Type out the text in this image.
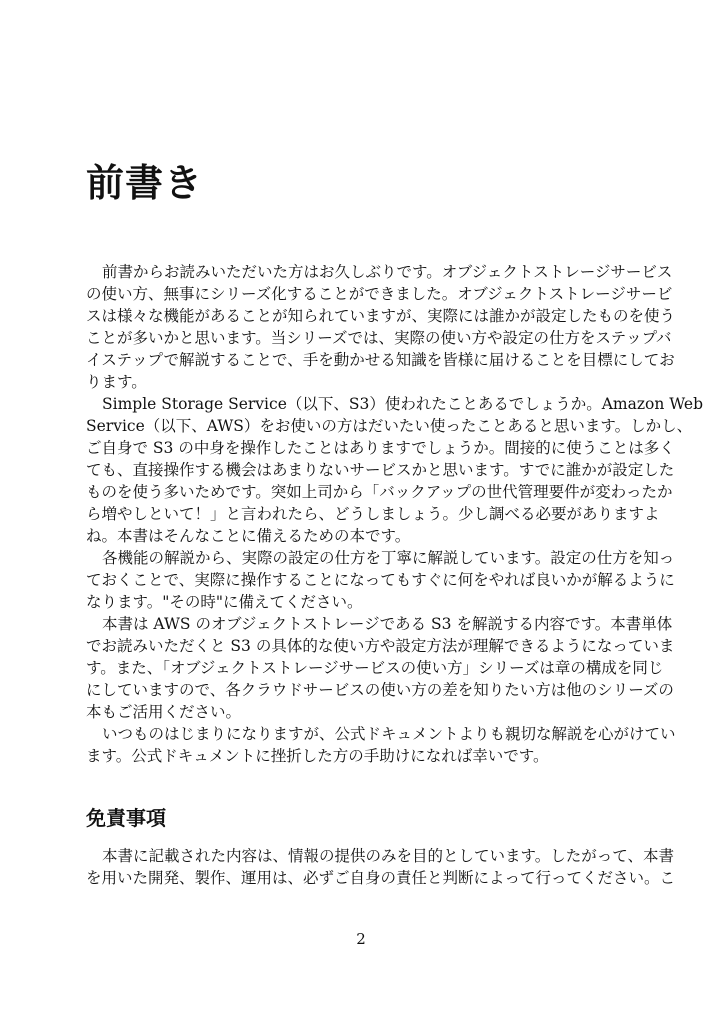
前書き
前書からお読みいただいた方はお久しぶりです。オブジェクトストレージサービス
の使い方、無事にシリーズ化することができました。オブジェクトストレージサービ
スは様々な機能があることが知られていますが、実際には誰かが設定したものを使う
ことが多いかと思います。当シリーズでは、実際の使い方や設定の仕方をステップバ
イステップで解説することで、手を動かせる知識を皆様に届けることを目標にしてお
ります。
Simple Storage Service（以下、S3）使われたことあるでしょうか。Amazon Web
Service（以下、AWS）をお使いの方はだいたい使ったことあると思います。しかし、
ご自身で S3 の中身を操作したことはありますでしょうか。間接的に使うことは多く
ても、直接操作する機会はあまりないサービスかと思います。すでに誰かが設定した
ものを使う多いためです。突如上司から「バックアップの世代管理要件が変わったか
ら増やしといて！」と言われたら、どうしましょう。少し調べる必要がありますよ
ね。本書はそんなことに備えるための本です。
各機能の解説から、実際の設定の仕方を丁寧に解説しています。設定の仕方を知っ
ておくことで、実際に操作することになってもすぐに何をやれば良いかが解るように
なります。"その時"に備えてください。
本書は AWS のオブジェクトストレージである S3 を解説する内容です。本書単体
でお読みいただくと S3 の具体的な使い方や設定方法が理解できるようになっていま
す。また、「オブジェクトストレージサービスの使い方」シリーズは章の構成を同じ
にしていますので、各クラウドサービスの使い方の差を知りたい方は他のシリーズの
本もご活用ください。
いつものはじまりになりますが、公式ドキュメントよりも親切な解説を心がけてい
ます。公式ドキュメントに挫折した方の手助けになれば幸いです。
免責事項
本書に記載された内容は、情報の提供のみを目的としています。したがって、本書
を用いた開発、製作、運用は、必ずご自身の責任と判断によって行ってください。こ
2
